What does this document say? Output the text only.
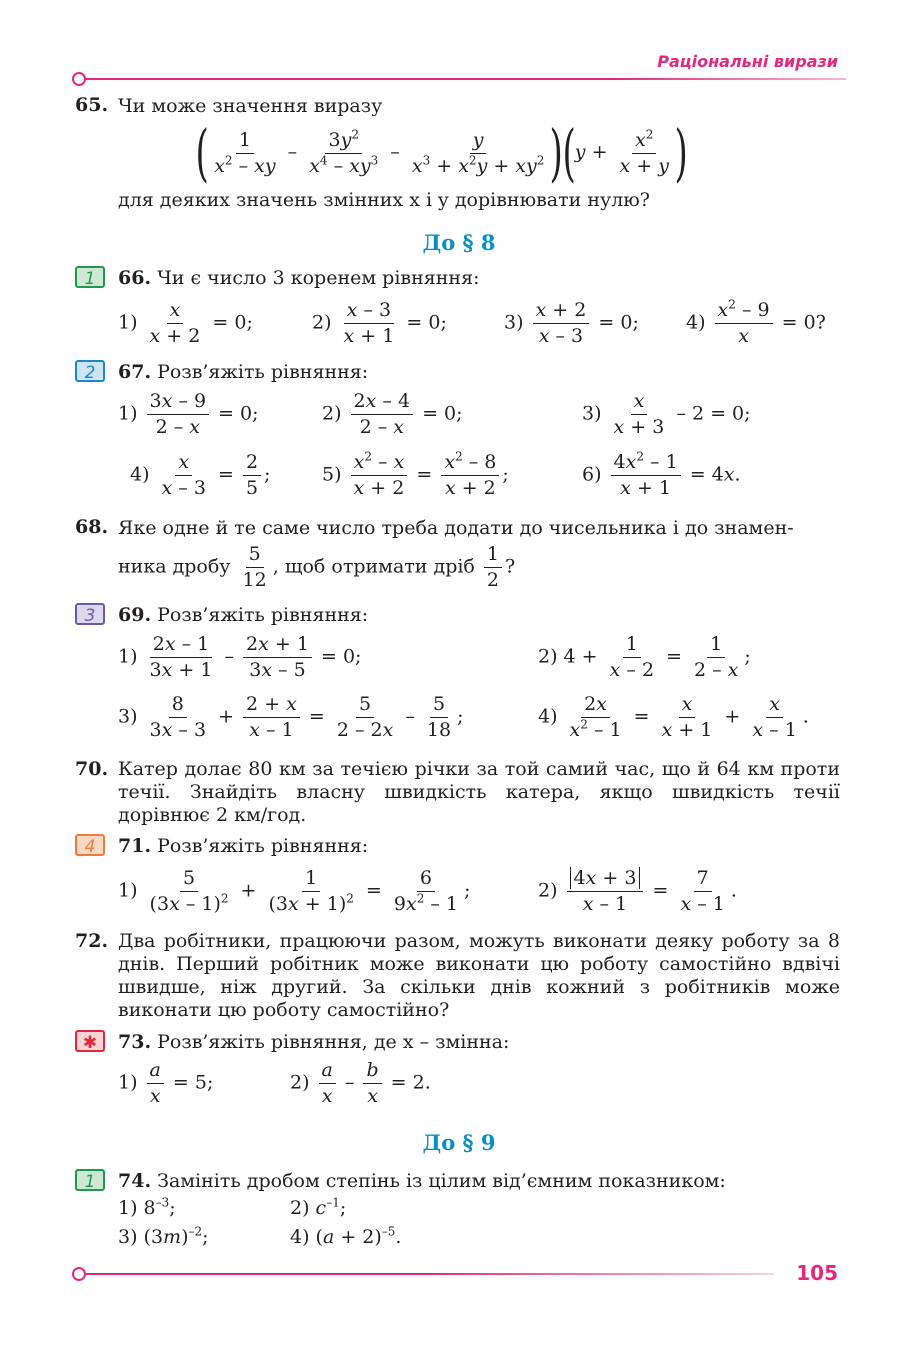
Раціональні вирази
65. Чи може значення виразу
( $\frac{1}{x^2 - xy} - \frac{3y^2}{x^4 - xy^3} - \frac{y}{x^3 + x^2y + xy^2} )(y + \frac{x^2}{x + y}$ )
для деяких значень змінних x і y дорівнювати нулю?
До § 8
1	66. Чи є число 3 коренем рівняння:
$1) \frac{x}{x + 2} = 0$;	$2) \frac{x - 3}{x + 1} = 0$;	$3) \frac{x + 2}{x - 3} = 0$; $4) \frac{x^2 - 9}{x} = 0$?
2	67. Розв’яжіть рівняння:
$1) \frac{3x - 9}{2 - x} = 0$;	$2) \frac{2x - 4}{2 - x} = 0$;	$3) \frac{x}{x + 3} - 2 = 0$;
$4) \frac{x}{x - 3} = \frac{2}{5}$ ;	$5) \frac{x^2 - x}{x + 2} = \frac{x^2 - 8}{x + 2}$ ;	$6) \frac{4x^2 - 1}{x + 1} = 4x$.
68. Яке одне й те саме число треба додати до чисельника і до знамен-
ника дробу $\frac{5}{12}$ , щоб отримати дріб $\frac{1}{2}$ ?
3	69. Розв’яжіть рівняння:
$1) \frac{2x - 1}{3x + 1} - \frac{2x + 1}{3x - 5} = 0$;	2) $4 + \frac{1}{x - 2} = \frac{1}{2 - x}$ ;
$3) \frac{8}{3x - 3} + \frac{2 + x}{x - 1} = \frac{5}{2 - 2x} - \frac{5}{18}$ ;	$4) \frac{2x}{x^2 - 1} = \frac{x}{x + 1} + \frac{x}{x - 1}$ .
70. Катер долає 80 км за течією річки за той самий час, що й 64 км проти течії. Знайдіть власну швидкість катера, якщо швидкість течії дорівнює 2 км/год.
4	71. Розв’яжіть рівняння:
$1) \frac{5}{(3x - 1)^2} + \frac{1}{(3x + 1)^2} = \frac{6}{9x^2 - 1}$ ;	$2) \frac{4x + 3}{x - 1} = \frac{7}{x - 1}$ .
72. Два робітники, працюючи разом, можуть виконати деяку роботу за 8 днів. Перший робітник може виконати цю роботу самостійно вдвічі швидше, ніж другий. За скільки днів кожний з робітників може виконати цю роботу самостійно?
✱	73. Розв’яжіть рівняння, де x – змінна:
$1) \frac{a}{x} = 5$;	$2) \frac{a}{x} - \frac{b}{x} = 2$.
До § 9
1	74. Замініть дробом степінь із цілим від’ємним показником:
1) $8^{-3}$;	2) $c^{-1}$;
3) $(3m)^{-2}$;	4) $(a + 2)^{-5}$.
105
